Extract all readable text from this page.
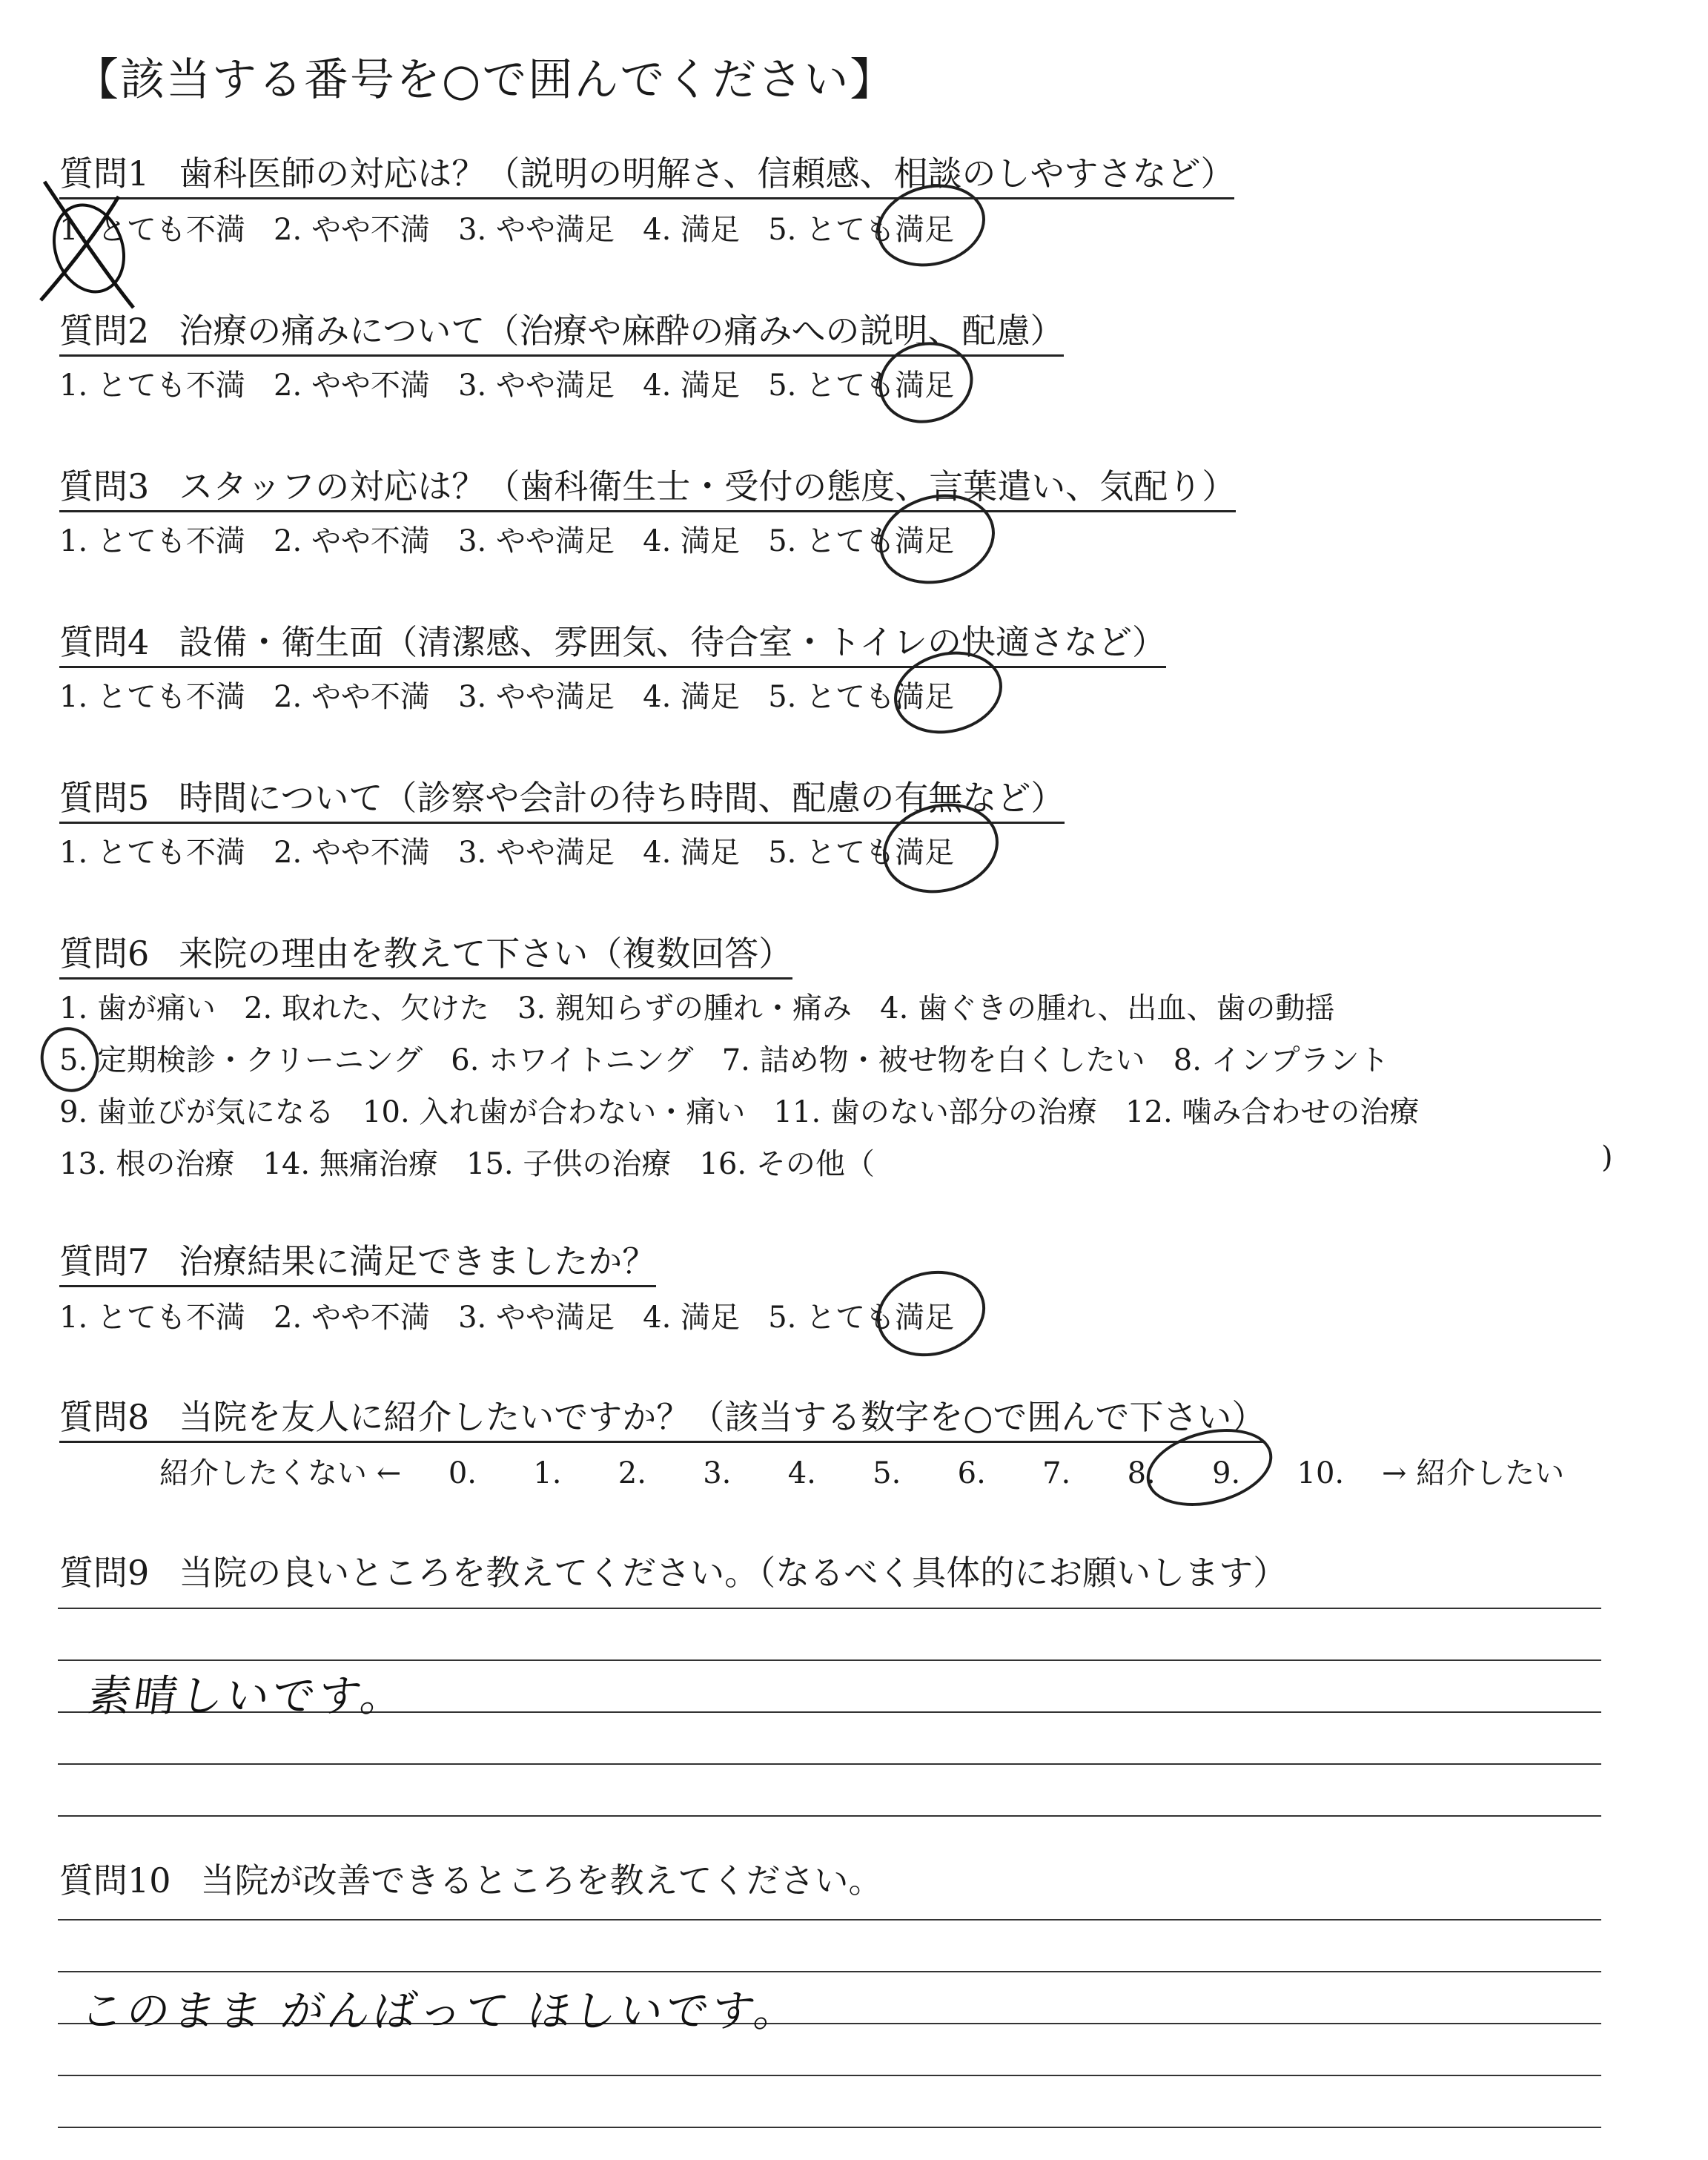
【該当する番号を○で囲んでください】
質問1 歯科医師の対応は？（説明の明解さ、信頼感、相談のしやすさなど）
1. とても不満 2. やや不満 3. やや満足 4. 満足 5. とても満足
質問2 治療の痛みについて（治療や麻酔の痛みへの説明、配慮）
1. とても不満 2. やや不満 3. やや満足 4. 満足 5. とても満足
質問3 スタッフの対応は？（歯科衛生士・受付の態度、言葉遣い、気配り）
1. とても不満 2. やや不満 3. やや満足 4. 満足 5. とても満足
質問4 設備・衛生面（清潔感、雰囲気、待合室・トイレの快適さなど）
1. とても不満 2. やや不満 3. やや満足 4. 満足 5. とても満足
質問5 時間について（診察や会計の待ち時間、配慮の有無など）
1. とても不満 2. やや不満 3. やや満足 4. 満足 5. とても満足
質問6 来院の理由を教えて下さい（複数回答）
1. 歯が痛い 2. 取れた、欠けた 3. 親知らずの腫れ・痛み 4. 歯ぐきの腫れ、出血、歯の動揺
5. 定期検診・クリーニング 6. ホワイトニング 7. 詰め物・被せ物を白くしたい 8. インプラント
9. 歯並びが気になる 10. 入れ歯が合わない・痛い 11. 歯のない部分の治療 12. 噛み合わせの治療
13. 根の治療 14. 無痛治療 15. 子供の治療 16. その他（	)
質問7 治療結果に満足できましたか？
1. とても不満 2. やや不満 3. やや満足 4. 満足 5. とても満足
質問8 当院を友人に紹介したいですか？（該当する数字を○で囲んで下さい）
紹介したくない ← 0. 1. 2. 3. 4. 5. 6. 7. 8. 9. 10. → 紹介したい
質問9 当院の良いところを教えてください。（なるべく具体的にお願いします）
素晴しいです。
質問10 当院が改善できるところを教えてください。
このまま がんばって ほしいです。
